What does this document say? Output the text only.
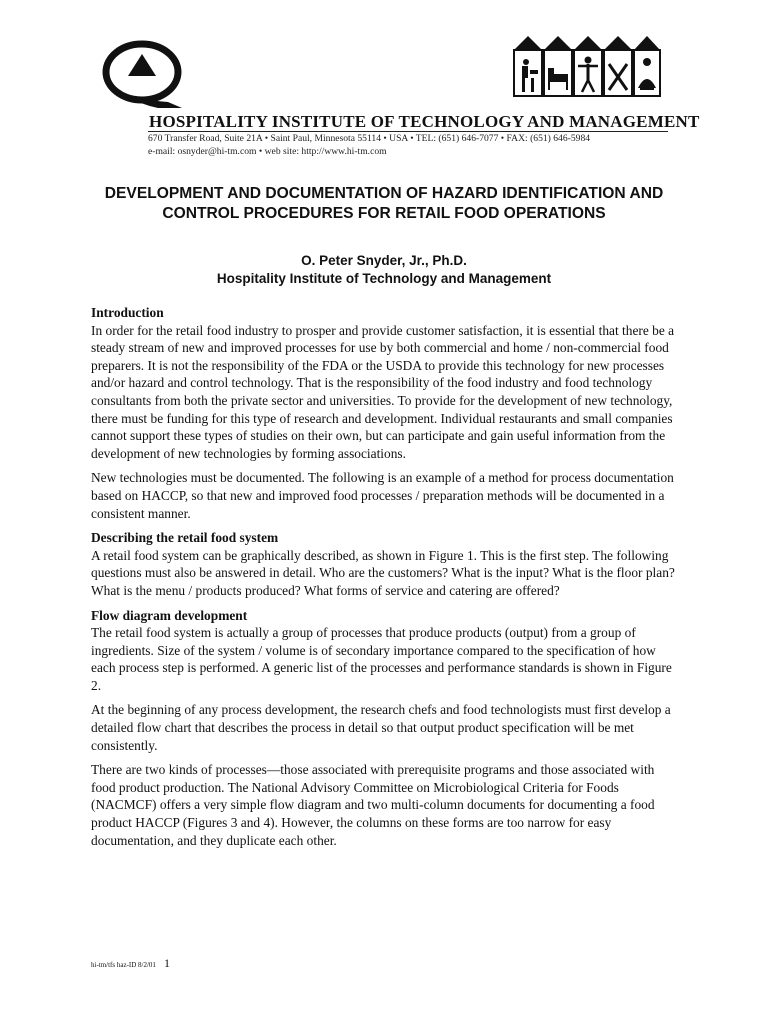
HOSPITALITY INSTITUTE OF TECHNOLOGY AND MANAGEMENT
670 Transfer Road, Suite 21A • Saint Paul, Minnesota 55114 • USA • TEL: (651) 646-7077 • FAX: (651) 646-5984
e-mail: osnyder@hi-tm.com • web site: http://www.hi-tm.com
DEVELOPMENT AND DOCUMENTATION OF HAZARD IDENTIFICATION AND CONTROL PROCEDURES FOR RETAIL FOOD OPERATIONS
O. Peter Snyder, Jr., Ph.D.
Hospitality Institute of Technology and Management
Introduction

In order for the retail food industry to prosper and provide customer satisfaction, it is essential that there be a steady stream of new and improved processes for use by both commercial and home / non-commercial food preparers. It is not the responsibility of the FDA or the USDA to provide this technology for new processes and/or hazard and control technology. That is the responsibility of the food industry and food technology consultants from both the private sector and universities. To provide for the development of new technology, there must be funding for this type of research and development. Individual restaurants and small companies cannot support these types of studies on their own, but can participate and gain useful information from the development of new technologies by forming associations.

New technologies must be documented. The following is an example of a method for process documentation based on HACCP, so that new and improved food processes / preparation methods will be documented in a consistent manner.

Describing the retail food system

A retail food system can be graphically described, as shown in Figure 1. This is the first step. The following questions must also be answered in detail. Who are the customers? What is the input? What is the floor plan? What is the menu / products produced? What forms of service and catering are offered?

Flow diagram development

The retail food system is actually a group of processes that produce products (output) from a group of ingredients. Size of the system / volume is of secondary importance compared to the specification of how each process step is performed. A generic list of the processes and performance standards is shown in Figure 2.

At the beginning of any process development, the research chefs and food technologists must first develop a detailed flow chart that describes the process in detail so that output product specification will be met consistently.

There are two kinds of processes—those associated with prerequisite programs and those associated with food product production. The National Advisory Committee on Microbiological Criteria for Foods (NACMCF) offers a very simple flow diagram and two multi-column documents for documenting a food product HACCP (Figures 3 and 4). However, the columns on these forms are too narrow for easy documentation, and they duplicate each other.

hi-tm/tfs haz-ID 8/2/01 1
